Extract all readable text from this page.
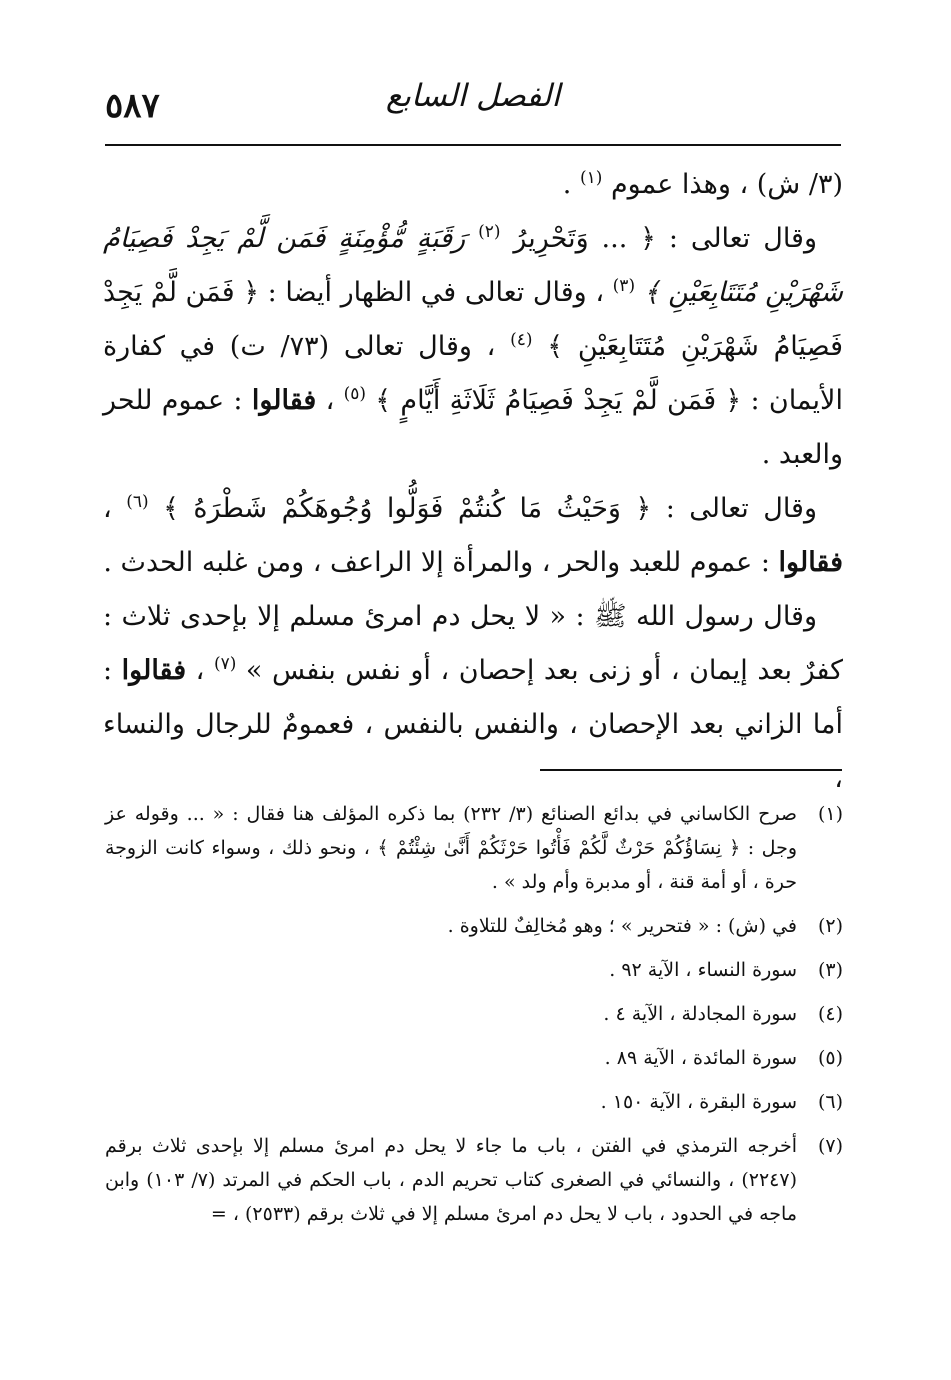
الفصل السابع
٥٨٧

(٣/ ش) ، وهذا عموم $^{(١)}$ .

وقال تعالى : ﴿ ... وَتَحْرِيرُ $^{(٢)}$ رَقَبَةٍ مُّؤْمِنَةٍ فَمَن لَّمْ يَجِدْ فَصِيَامُ شَهْرَيْنِ مُتَتَابِعَيْنِ ﴾ $^{(٣)}$ ، وقال تعالى في الظهار أيضا : ﴿ فَمَن لَّمْ يَجِدْ فَصِيَامُ شَهْرَيْنِ مُتَتَابِعَيْنِ ﴾ $^{(٤)}$ ، وقال تعالى (٧٣/ ت) في كفارة الأيمان : ﴿ فَمَن لَّمْ يَجِدْ فَصِيَامُ ثَلَاثَةِ أَيَّامٍ ﴾ $^{(٥)}$ ، فقالوا : عموم للحر والعبد .

وقال تعالى : ﴿ وَحَيْثُ مَا كُنتُمْ فَوَلُّوا وُجُوهَكُمْ شَطْرَهُ ﴾ $^{(٦)}$ ، فقالوا : عموم للعبد والحر ، والمرأة إلا الراعف ، ومن غلبه الحدث .

وقال رسول الله ﷺ : « لا يحل دم امرئ مسلم إلا بإحدى ثلاث : كفرٌ بعد إيمان ، أو زنى بعد إحصان ، أو نفس بنفس » $^{(٧)}$ ، فقالوا : أما الزاني بعد الإحصان ، والنفس بالنفس ، فعمومٌ للرجال والنساء ،

(١)
صرح الكاساني في بدائع الصنائع (٣/ ٢٣٢) بما ذكره المؤلف هنا فقال : « ... وقوله عز وجل : ﴿ نِسَاؤُكُمْ حَرْثٌ لَّكُمْ فَأْتُوا حَرْثَكُمْ أَنَّىٰ شِئْتُمْ ﴾ ، ونحو ذلك ، وسواء كانت الزوجة حرة ، أو أمة قنة ، أو مدبرة وأم ولد » .
(٢)
في (ش) : « فتحرير » ؛ وهو مُخالِفٌ للتلاوة .
(٣)
سورة النساء ، الآية ٩٢ .
(٤)
سورة المجادلة ، الآية ٤ .
(٥)
سورة المائدة ، الآية ٨٩ .
(٦)
سورة البقرة ، الآية ١٥٠ .
(٧)
أخرجه الترمذي في الفتن ، باب ما جاء لا يحل دم امرئ مسلم إلا بإحدى ثلاث برقم (٢٢٤٧) ، والنسائي في الصغرى كتاب تحريم الدم ، باب الحكم في المرتد (٧/ ١٠٣) وابن ماجه في الحدود ، باب لا يحل دم امرئ مسلم إلا في ثلاث برقم (٢٥٣٣) ، =
